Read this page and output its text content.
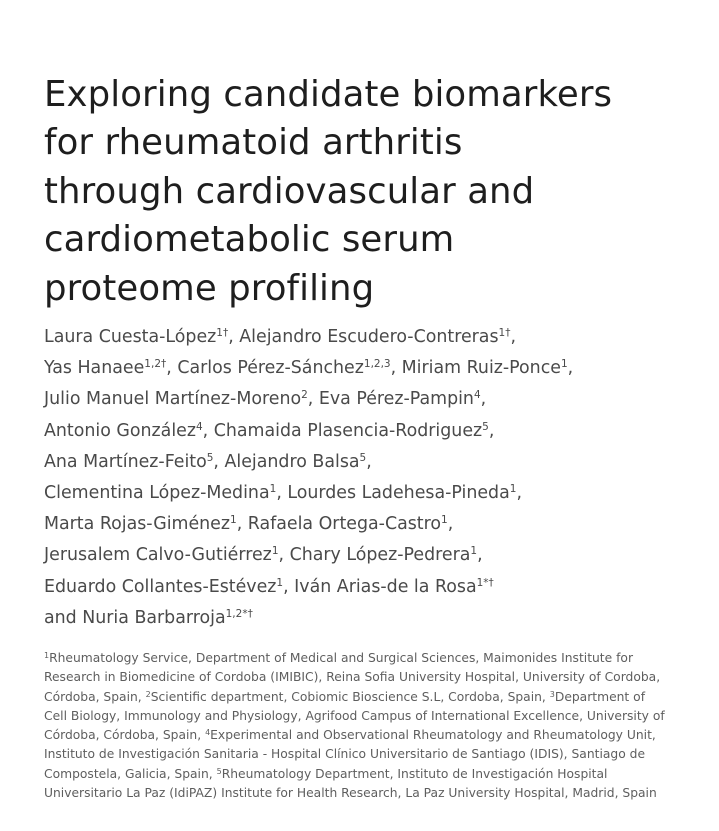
Exploring candidate biomarkers
for rheumatoid arthritis
through cardiovascular and
cardiometabolic serum
proteome profiling
Laura Cuesta-López$^{1\dagger}$, Alejandro Escudero-Contreras$^{1\dagger}$,
Yas Hanaee$^{1,2\dagger}$, Carlos Pérez-Sánchez$^{1,2,3}$, Miriam Ruiz-Ponce$^1$,
Julio Manuel Martínez-Moreno$^2$, Eva Pérez-Pampin$^4$,
Antonio González$^4$, Chamaida Plasencia-Rodriguez$^5$,
Ana Martínez-Feito$^5$, Alejandro Balsa$^5$,
Clementina López-Medina$^1$, Lourdes Ladehesa-Pineda$^1$,
Marta Rojas-Giménez$^1$, Rafaela Ortega-Castro$^1$,
Jerusalem Calvo-Gutiérrez$^1$, Chary López-Pedrera$^1$,
Eduardo Collantes-Estévez$^1$, Iván Arias-de la Rosa$^{1*\dagger}$
and Nuria Barbarroja$^{1,2*\dagger}$
$^1$Rheumatology Service, Department of Medical and Surgical Sciences, Maimonides Institute for
Research in Biomedicine of Cordoba (IMIBIC), Reina Sofia University Hospital, University of Cordoba,
Córdoba, Spain, $^2$Scientific department, Cobiomic Bioscience S.L, Cordoba, Spain, $^3$Department of
Cell Biology, Immunology and Physiology, Agrifood Campus of International Excellence, University of
Córdoba, Córdoba, Spain, $^4$Experimental and Observational Rheumatology and Rheumatology Unit,
Instituto de Investigación Sanitaria - Hospital Clínico Universitario de Santiago (IDIS), Santiago de
Compostela, Galicia, Spain, $^5$Rheumatology Department, Instituto de Investigación Hospital
Universitario La Paz (IdiPAZ) Institute for Health Research, La Paz University Hospital, Madrid, Spain
